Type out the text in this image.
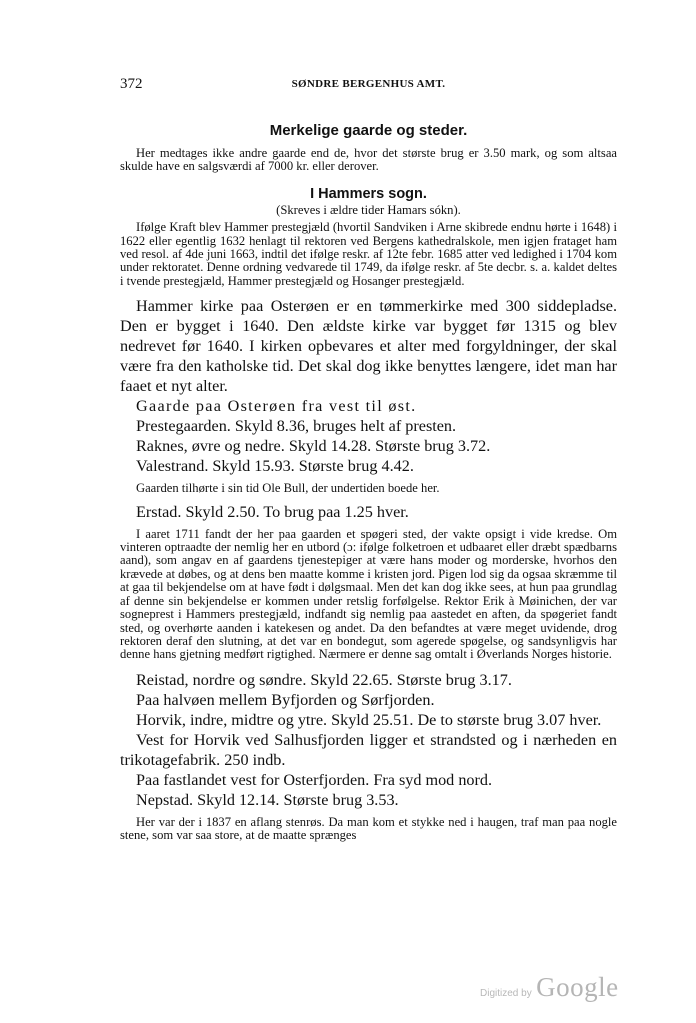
372	SØNDRE BERGENHUS AMT.
Merkelige gaarde og steder.

Her medtages ikke andre gaarde end de, hvor det største brug er 3.50 mark, og som altsaa skulde have en salgsværdi af 7000 kr. eller derover.

I Hammers sogn.

(Skreves i ældre tider Hamars sókn).

Ifølge Kraft blev Hammer prestegjæld (hvortil Sandviken i Arne skibrede endnu hørte i 1648) i 1622 eller egentlig 1632 henlagt til rektoren ved Bergens kathedralskole, men igjen frataget ham ved resol. af 4de juni 1663, indtil det ifølge reskr. af 12te febr. 1685 atter ved ledighed i 1704 kom under rektoratet. Denne ordning vedvarede til 1749, da ifølge reskr. af 5te decbr. s. a. kaldet deltes i tvende prestegjæld, Hammer prestegjæld og Hosanger prestegjæld.

Hammer kirke paa Osterøen er en tømmerkirke med 300 siddepladse. Den er bygget i 1640. Den ældste kirke var bygget før 1315 og blev nedrevet før 1640. I kirken opbevares et alter med forgyldninger, der skal være fra den katholske tid. Det skal dog ikke benyttes længere, idet man har faaet et nyt alter.

Gaarde paa Osterøen fra vest til øst.

Prestegaarden. Skyld 8.36, bruges helt af presten.

Raknes, øvre og nedre. Skyld 14.28. Største brug 3.72.

Valestrand. Skyld 15.93. Største brug 4.42.

Gaarden tilhørte i sin tid Ole Bull, der undertiden boede her.

Erstad. Skyld 2.50. To brug paa 1.25 hver.

I aaret 1711 fandt der her paa gaarden et spøgeri sted, der vakte opsigt i vide kredse. Om vinteren optraadte der nemlig her en utbord (ɔ: ifølge folketroen et udbaaret eller dræbt spædbarns aand), som angav en af gaardens tjenestepiger at være hans moder og morderske, hvorhos den krævede at døbes, og at dens ben maatte komme i kristen jord. Pigen lod sig da ogsaa skræmme til at gaa til bekjendelse om at have født i dølgsmaal. Men det kan dog ikke sees, at hun paa grundlag af denne sin bekjendelse er kommen under retslig forfølgelse. Rektor Erik à Møinichen, der var sogneprest i Hammers prestegjæld, indfandt sig nemlig paa aastedet en aften, da spøgeriet fandt sted, og overhørte aanden i katekesen og andet. Da den befandtes at være meget uvidende, drog rektoren deraf den slutning, at det var en bondegut, som agerede spøgelse, og sandsynligvis har denne hans gjetning medført rigtighed. Nærmere er denne sag omtalt i Øverlands Norges historie.

Reistad, nordre og søndre. Skyld 22.65. Største brug 3.17.

Paa halvøen mellem Byfjorden og Sørfjorden.

Horvik, indre, midtre og ytre. Skyld 25.51. De to største brug 3.07 hver.

Vest for Horvik ved Salhusfjorden ligger et strandsted og i nærheden en trikotagefabrik. 250 indb.

Paa fastlandet vest for Osterfjorden. Fra syd mod nord.

Nepstad. Skyld 12.14. Største brug 3.53.

Her var der i 1837 en aflang stenrøs. Da man kom et stykke ned i haugen, traf man paa nogle stene, som var saa store, at de maatte sprænges

Digitized by Google
